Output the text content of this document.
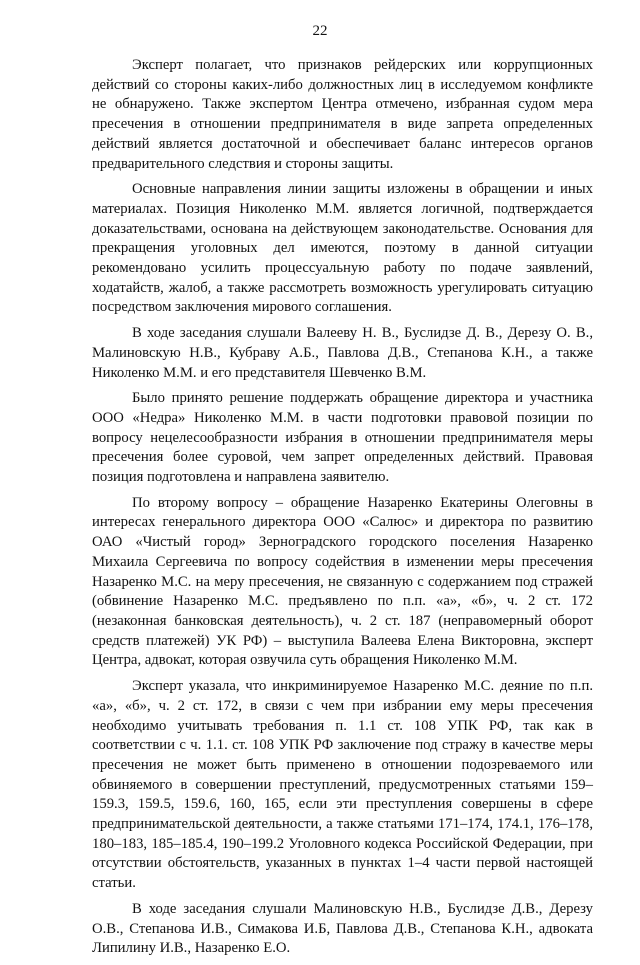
22

Эксперт полагает, что признаков рейдерских или коррупционных действий со стороны каких-либо должностных лиц в исследуемом конфликте не обнаружено. Также экспертом Центра отмечено, избранная судом мера пресечения в отношении предпринимателя в виде запрета определенных действий является достаточной и обеспечивает баланс интересов органов предварительного следствия и стороны защиты.

Основные направления линии защиты изложены в обращении и иных материалах. Позиция Николенко М.М. является логичной, подтверждается доказательствами, основана на действующем законодательстве. Основания для прекращения уголовных дел имеются, поэтому в данной ситуации рекомендовано усилить процессуальную работу по подаче заявлений, ходатайств, жалоб, а также рассмотреть возможность урегулировать ситуацию посредством заключения мирового соглашения.

В ходе заседания слушали Валееву Н. В., Буслидзе Д. В., Дерезу О. В., Малиновскую Н.В., Кубраву А.Б., Павлова Д.В., Степанова К.Н., а также Николенко М.М. и его представителя Шевченко В.М.

Было принято решение поддержать обращение директора и участника ООО «Недра» Николенко М.М. в части подготовки правовой позиции по вопросу нецелесообразности избрания в отношении предпринимателя меры пресечения более суровой, чем запрет определенных действий. Правовая позиция подготовлена и направлена заявителю.

По второму вопросу – обращение Назаренко Екатерины Олеговны в интересах генерального директора ООО «Салюс» и директора по развитию ОАО «Чистый город» Зерноградского городского поселения Назаренко Михаила Сергеевича по вопросу содействия в изменении меры пресечения Назаренко М.С. на меру пресечения, не связанную с содержанием под стражей (обвинение Назаренко М.С. предъявлено по п.п. «а», «б», ч. 2 ст. 172 (незаконная банковская деятельность), ч. 2 ст. 187 (неправомерный оборот средств платежей) УК РФ) – выступила Валеева Елена Викторовна, эксперт Центра, адвокат, которая озвучила суть обращения Николенко М.М.

Эксперт указала, что инкриминируемое Назаренко М.С. деяние по п.п. «а», «б», ч. 2 ст. 172, в связи с чем при избрании ему меры пресечения необходимо учитывать требования п. 1.1 ст. 108 УПК РФ, так как в соответствии с ч. 1.1. ст. 108 УПК РФ заключение под стражу в качестве меры пресечения не может быть применено в отношении подозреваемого или обвиняемого в совершении преступлений, предусмотренных статьями 159–159.3, 159.5, 159.6, 160, 165, если эти преступления совершены в сфере предпринимательской деятельности, а также статьями 171–174, 174.1, 176–178, 180–183, 185–185.4, 190–199.2 Уголовного кодекса Российской Федерации, при отсутствии обстоятельств, указанных в пунктах 1–4 части первой настоящей статьи.

В ходе заседания слушали Малиновскую Н.В., Буслидзе Д.В., Дерезу О.В., Степанова И.В., Симакова И.Б, Павлова Д.В., Степанова К.Н., адвоката Липилину И.В., Назаренко Е.О.
